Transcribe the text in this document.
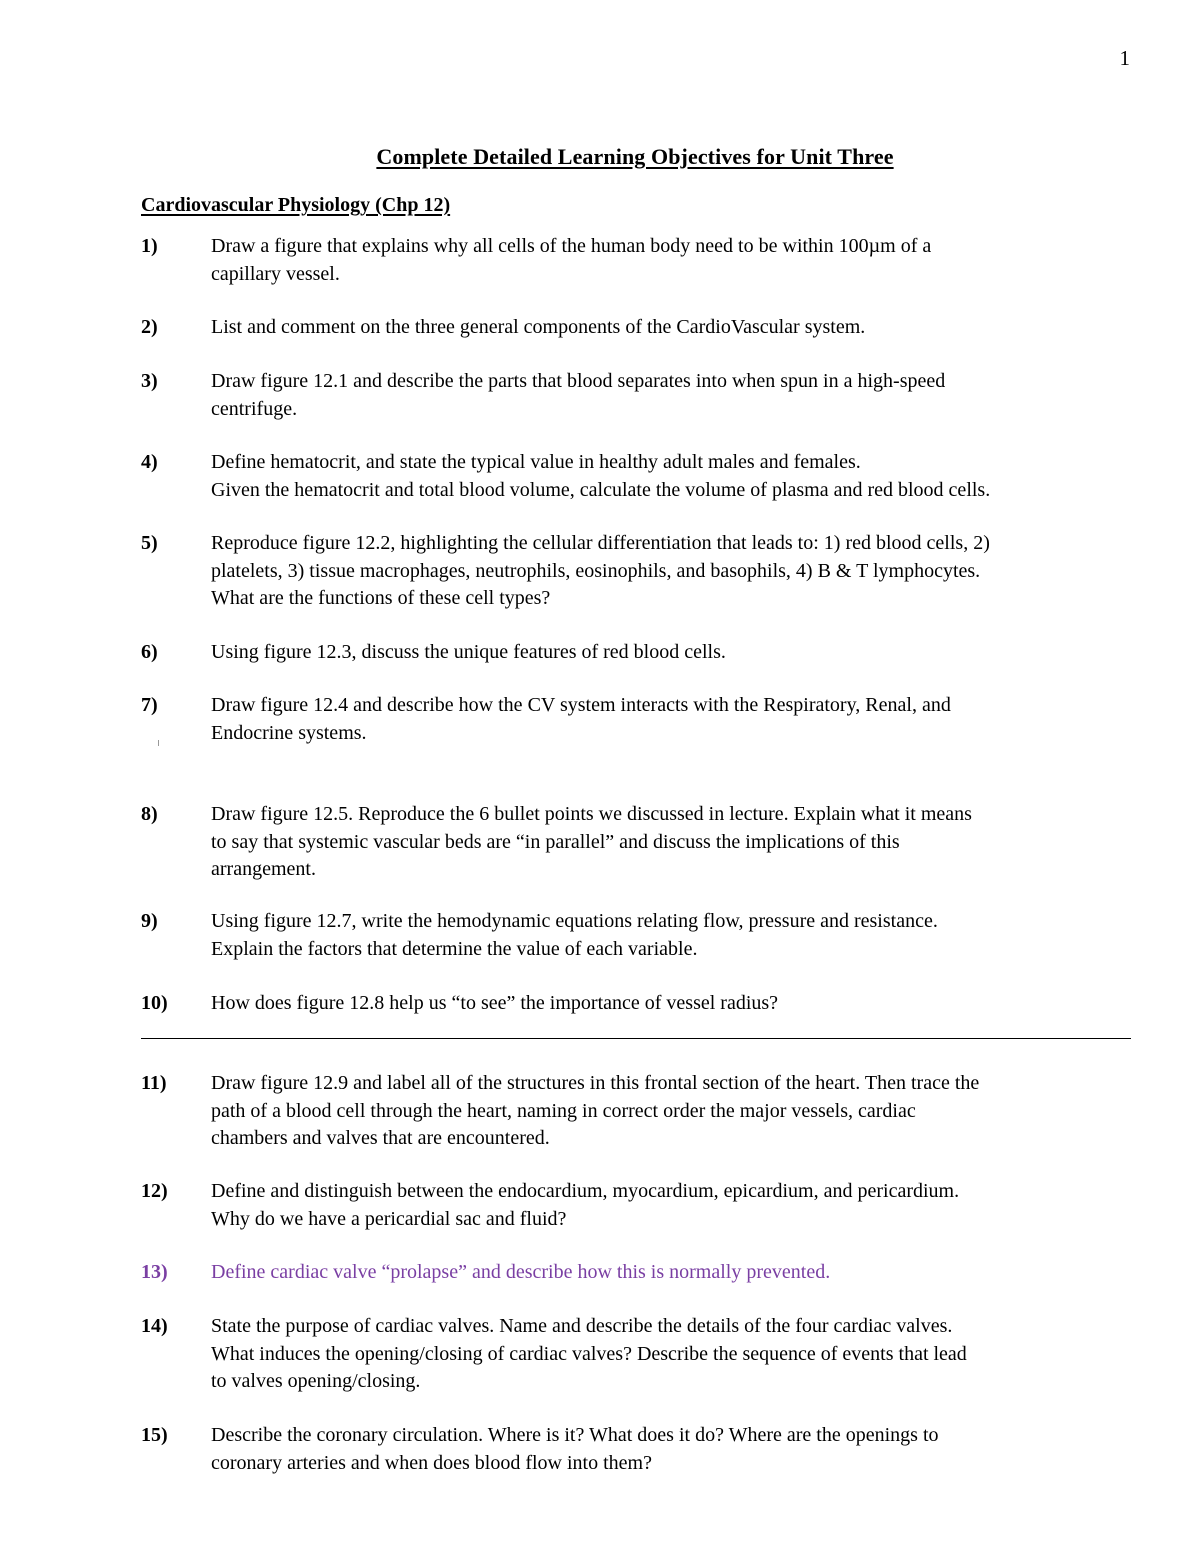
1
Complete Detailed Learning Objectives for Unit Three
Cardiovascular Physiology (Chp 12)
1)	Draw a figure that explains why all cells of the human body need to be within 100µm of a
capillary vessel.
2)	List and comment on the three general components of the CardioVascular system.
3)	Draw figure 12.1 and describe the parts that blood separates into when spun in a high-speed
centrifuge.
4)	Define hematocrit, and state the typical value in healthy adult males and females.
Given the hematocrit and total blood volume, calculate the volume of plasma and red blood cells.
5)	Reproduce figure 12.2, highlighting the cellular differentiation that leads to: 1) red blood cells, 2)
platelets, 3) tissue macrophages, neutrophils, eosinophils, and basophils, 4) B & T lymphocytes.
What are the functions of these cell types?
6)	Using figure 12.3, discuss the unique features of red blood cells.
7)	Draw figure 12.4 and describe how the CV system interacts with the Respiratory, Renal, and
Endocrine systems.
8)	Draw figure 12.5. Reproduce the 6 bullet points we discussed in lecture. Explain what it means
to say that systemic vascular beds are “in parallel” and discuss the implications of this
arrangement.
9)	Using figure 12.7, write the hemodynamic equations relating flow, pressure and resistance.
Explain the factors that determine the value of each variable.
10)	How does figure 12.8 help us “to see” the importance of vessel radius?
11)	Draw figure 12.9 and label all of the structures in this frontal section of the heart. Then trace the
path of a blood cell through the heart, naming in correct order the major vessels, cardiac
chambers and valves that are encountered.
12)	Define and distinguish between the endocardium, myocardium, epicardium, and pericardium.
Why do we have a pericardial sac and fluid?
13)	Define cardiac valve “prolapse” and describe how this is normally prevented.
14)	State the purpose of cardiac valves. Name and describe the details of the four cardiac valves.
What induces the opening/closing of cardiac valves? Describe the sequence of events that lead
to valves opening/closing.
15)	Describe the coronary circulation. Where is it? What does it do? Where are the openings to
coronary arteries and when does blood flow into them?
